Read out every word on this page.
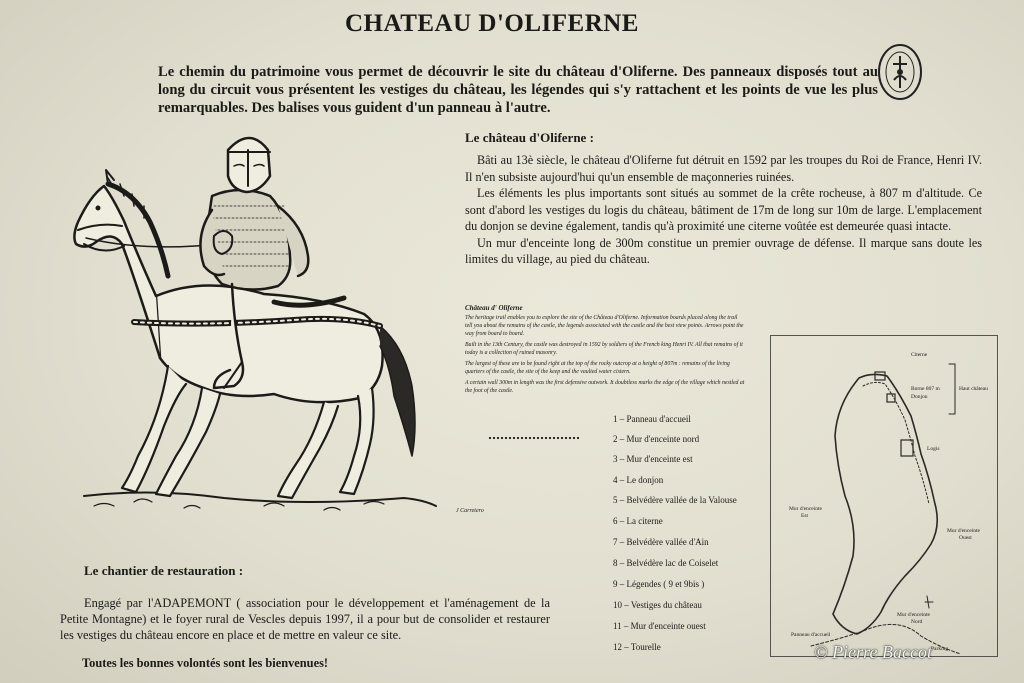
CHATEAU D'OLIFERNE
Le chemin du patrimoine vous permet de découvrir le site du château d'Oliferne. Des panneaux disposés tout au long du circuit vous présentent les vestiges du château, les légendes qui s'y rattachent et les points de vue les plus remarquables. Des balises vous guident d'un panneau à l'autre.
J Carretero
Le château d'Oliferne :

Bâti au 13è siècle, le château d'Oliferne fut détruit en 1592 par les troupes du Roi de France, Henri IV. Il n'en subsiste aujourd'hui qu'un ensemble de maçonneries ruinées.

Les éléments les plus importants sont situés au sommet de la crête rocheuse, à 807 m d'altitude. Ce sont d'abord les vestiges du logis du château, bâtiment de 17m de long sur 10m de large. L'emplacement du donjon se devine également, tandis qu'à proximité une citerne voûtée est demeurée quasi intacte.

Un mur d'enceinte long de 300m constitue un premier ouvrage de défense. Il marque sans doute les limites du village, au pied du château.

Château d' Oliferne

The heritage trail enables you to explore the site of the Château d'Oliferne. Information boards placed along the trail tell you about the remains of the castle, the legends associated with the castle and the best view points. Arrows point the way from board to board.

Built in the 13th Century, the castle was destroyed in 1592 by soldiers of the French king Henri IV. All that remains of it today is a collection of ruined masonry.

The largest of these are to be found right at the top of the rocky outcrop at a height of 807m : remains of the living quarters of the castle, the site of the keep and the vaulted water cistern.

A certain wall 300m in length was the first defensive outwork. It doubtless marks the edge of the village which nestled at the foot of the castle.

1 – Panneau d'accueil
2 – Mur d'enceinte nord
3 – Mur d'enceinte est
4 – Le donjon
5 – Belvédère vallée de la Valouse
6 – La citerne
7 – Belvédère vallée d'Ain
8 – Belvédère lac de Coiselet
9 – Légendes ( 9 et 9bis )
10 – Vestiges du château
11 – Mur d'enceinte ouest
12 – Tourelle
Citerne
Borne 807 m
Donjon
Haut château
Logis
Mur d'enceinte
Est
Mur d'enceinte
Ouest
Mur d'enceinte
Nord
Panneau d'accueil
Parking
Le chantier de restauration :

Engagé par l'ADAPEMONT ( association pour le développement et l'aménagement de la Petite Montagne) et le foyer rural de Vescles depuis 1997, il a pour but de consolider et restaurer les vestiges du château encore en place et de mettre en valeur ce site.

Toutes les bonnes volontés sont les bienvenues!
© Pierre Baccot
